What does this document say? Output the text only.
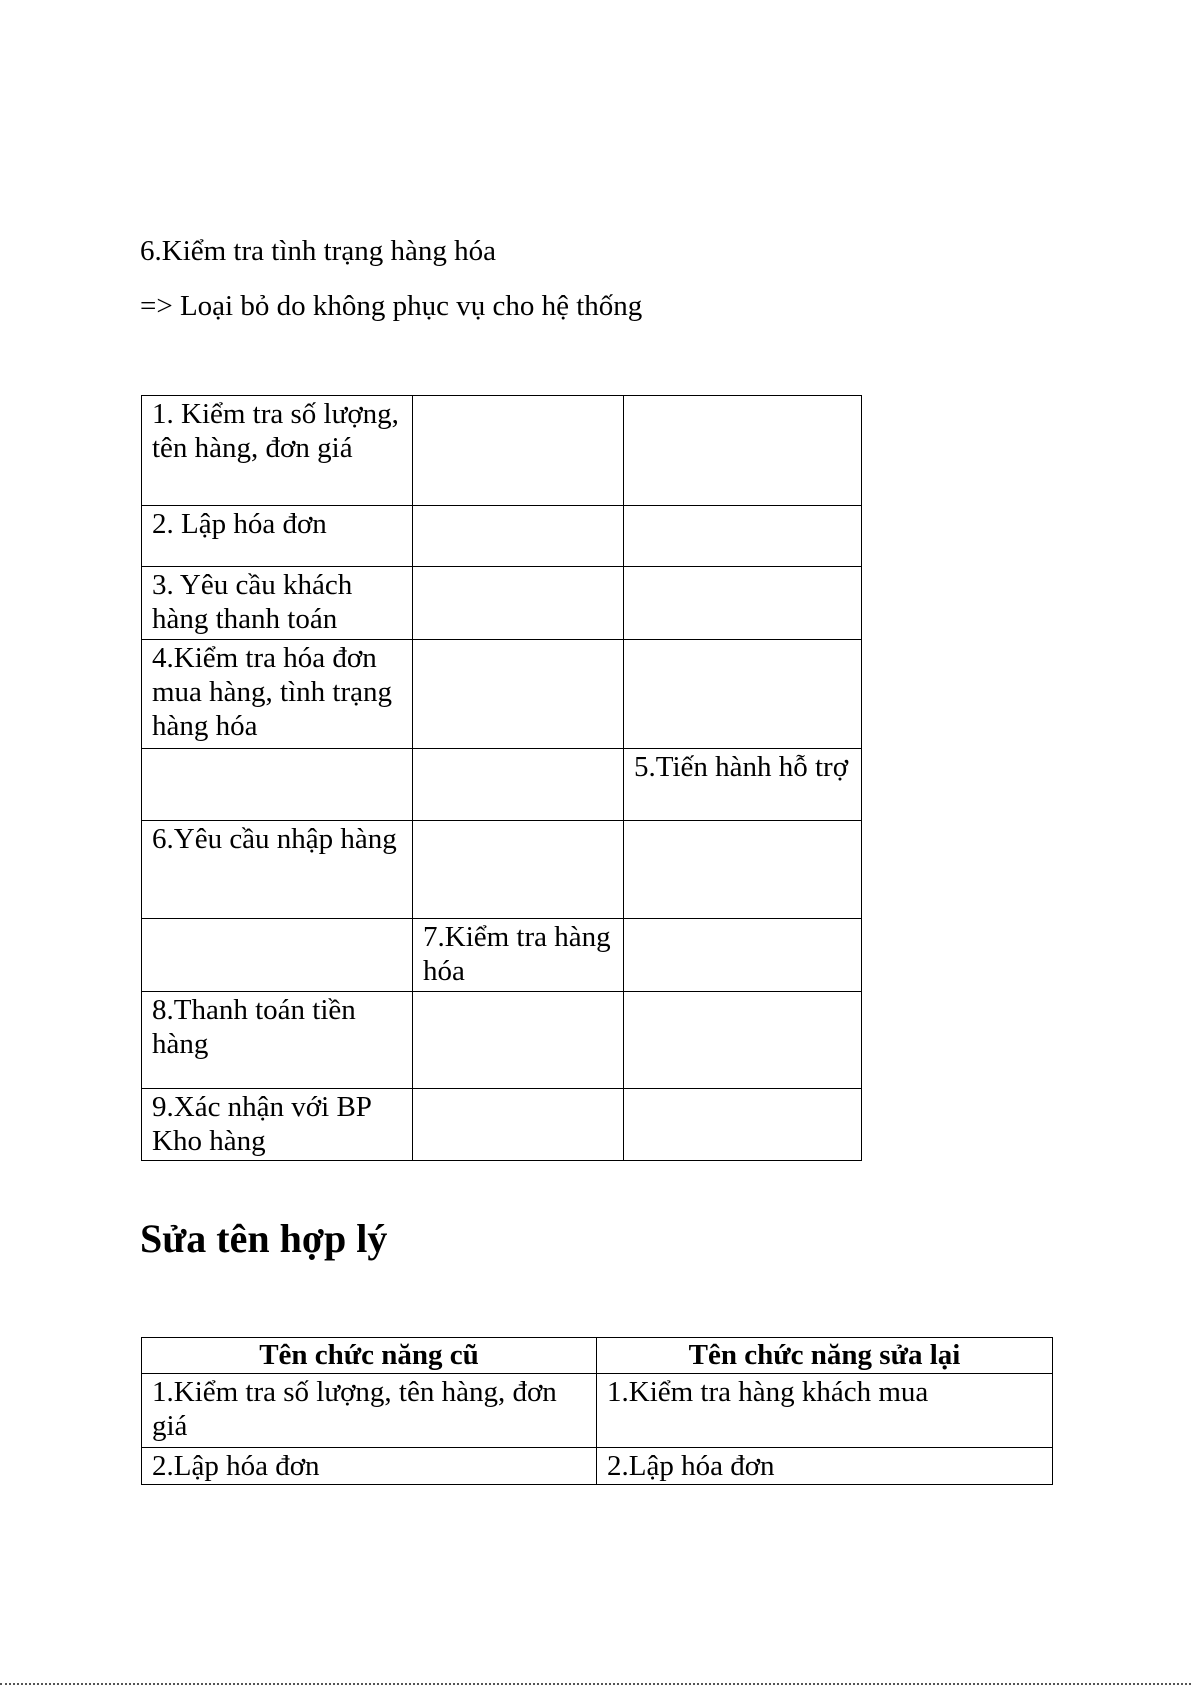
6.Kiểm tra tình trạng hàng hóa
=> Loại bỏ do không phục vụ cho hệ thống
1. Kiểm tra số lượng, tên hàng, đơn giá		
2. Lập hóa đơn		
3. Yêu cầu khách hàng thanh toán		
4.Kiểm tra hóa đơn mua hàng, tình trạng hàng hóa		
		5.Tiến hành hỗ trợ
6.Yêu cầu nhập hàng		
	7.Kiểm tra hàng hóa	
8.Thanh toán tiền hàng		
9.Xác nhận với BP Kho hàng		
Sửa tên hợp lý
Tên chức năng cũ	Tên chức năng sửa lại
1.Kiểm tra số lượng, tên hàng, đơn giá	1.Kiểm tra hàng khách mua
2.Lập hóa đơn	2.Lập hóa đơn
